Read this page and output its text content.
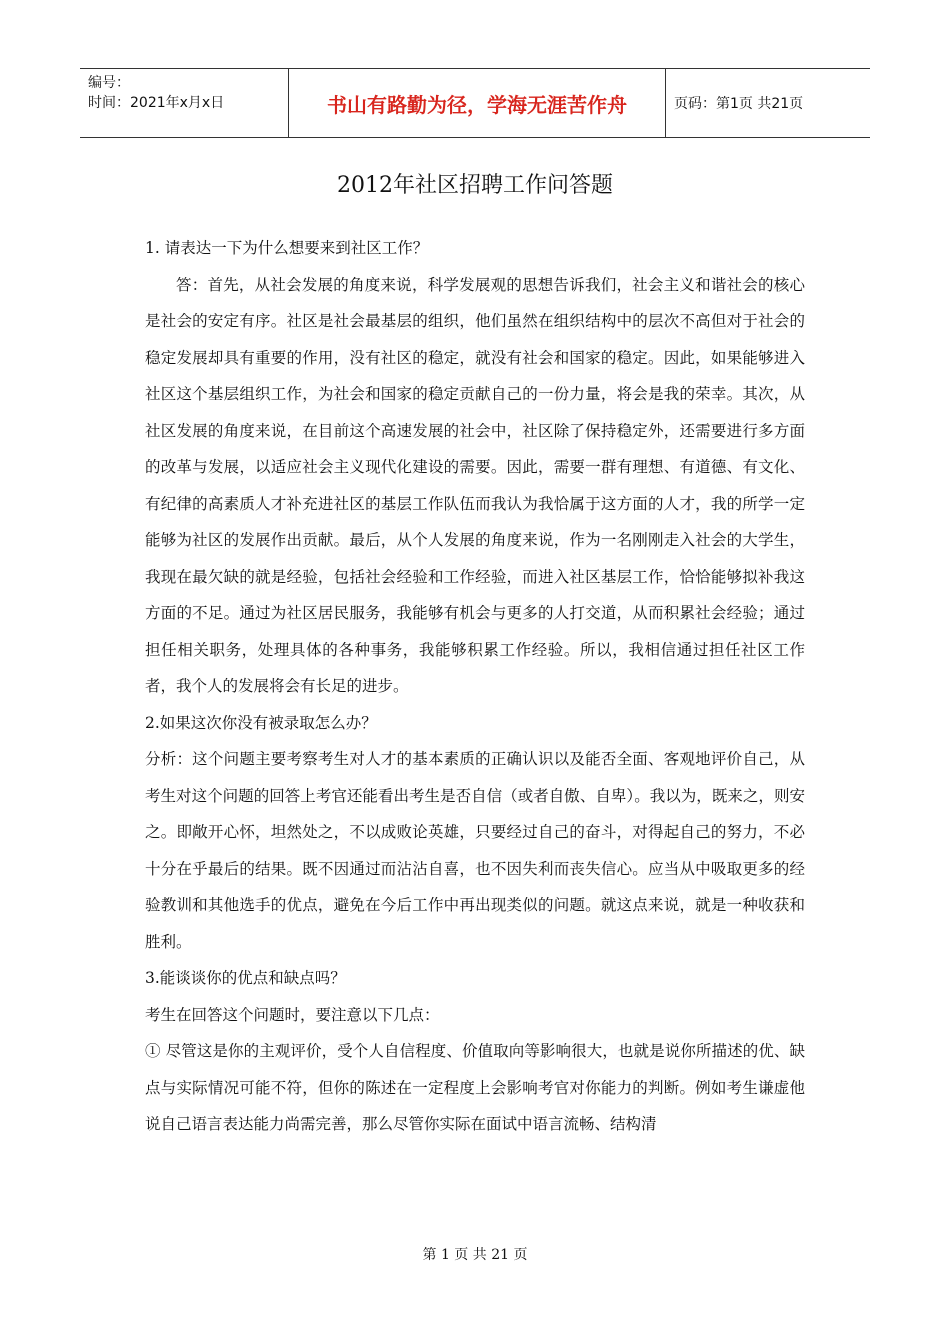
编号：
时间：2021年x月x日	书山有路勤为径，学海无涯苦作舟	页码：第1页 共21页
2012年社区招聘工作问答题

1. 请表达一下为什么想要来到社区工作？

答：首先，从社会发展的角度来说，科学发展观的思想告诉我们，社会主义和谐社会的核心是社会的安定有序。社区是社会最基层的组织，他们虽然在组织结构中的层次不高但对于社会的稳定发展却具有重要的作用，没有社区的稳定，就没有社会和国家的稳定。因此，如果能够进入社区这个基层组织工作，为社会和国家的稳定贡献自己的一份力量，将会是我的荣幸。其次，从社区发展的角度来说，在目前这个高速发展的社会中，社区除了保持稳定外，还需要进行多方面的改革与发展，以适应社会主义现代化建设的需要。因此，需要一群有理想、有道德、有文化、有纪律的高素质人才补充进社区的基层工作队伍而我认为我恰属于这方面的人才，我的所学一定能够为社区的发展作出贡献。最后，从个人发展的角度来说，作为一名刚刚走入社会的大学生，我现在最欠缺的就是经验，包括社会经验和工作经验，而进入社区基层工作，恰恰能够拟补我这方面的不足。通过为社区居民服务，我能够有机会与更多的人打交道，从而积累社会经验；通过担任相关职务，处理具体的各种事务，我能够积累工作经验。所以，我相信通过担任社区工作者，我个人的发展将会有长足的进步。

2.如果这次你没有被录取怎么办？

分析：这个问题主要考察考生对人才的基本素质的正确认识以及能否全面、客观地评价自己，从考生对这个问题的回答上考官还能看出考生是否自信（或者自傲、自卑）。我以为，既来之，则安之。即敞开心怀，坦然处之，不以成败论英雄，只要经过自己的奋斗，对得起自己的努力，不必十分在乎最后的结果。既不因通过而沾沾自喜，也不因失利而丧失信心。应当从中吸取更多的经验教训和其他选手的优点，避免在今后工作中再出现类似的问题。就这点来说，就是一种收获和胜利。

3.能谈谈你的优点和缺点吗？

考生在回答这个问题时，要注意以下几点：

① 尽管这是你的主观评价，受个人自信程度、价值取向等影响很大，也就是说你所描述的优、缺点与实际情况可能不符，但你的陈述在一定程度上会影响考官对你能力的判断。例如考生谦虚他说自己语言表达能力尚需完善，那么尽管你实际在面试中语言流畅、结构清

第 1 页 共 21 页
